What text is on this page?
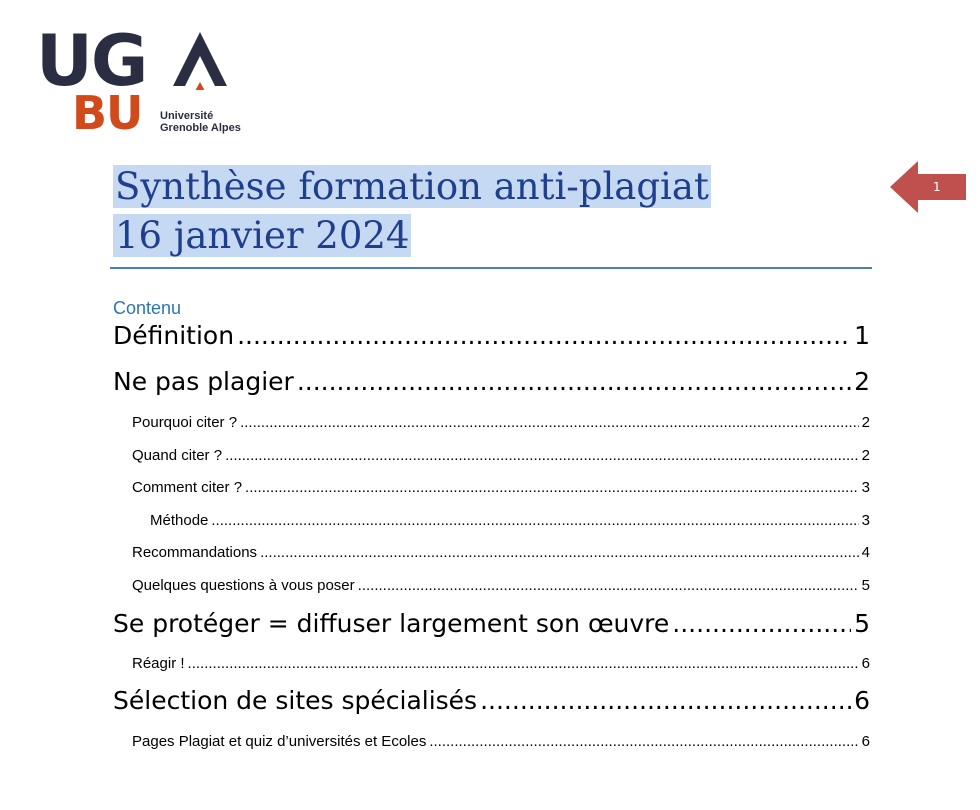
UG
BU Université
Grenoble Alpes
Synthèse formation anti-plagiat
16 janvier 2024
1
Contenu
Définition .....	1
Ne pas plagier .....	2
Pourquoi citer ? .....	2
Quand citer ? .....	2
Comment citer ? .....	3
Méthode .....	3
Recommandations .....	4
Quelques questions à vous poser .....	5
Se protéger = diffuser largement son œuvre .....	5
Réagir ! .....	6
Sélection de sites spécialisés .....	6
Pages Plagiat et quiz d’universités et Ecoles .....	6
